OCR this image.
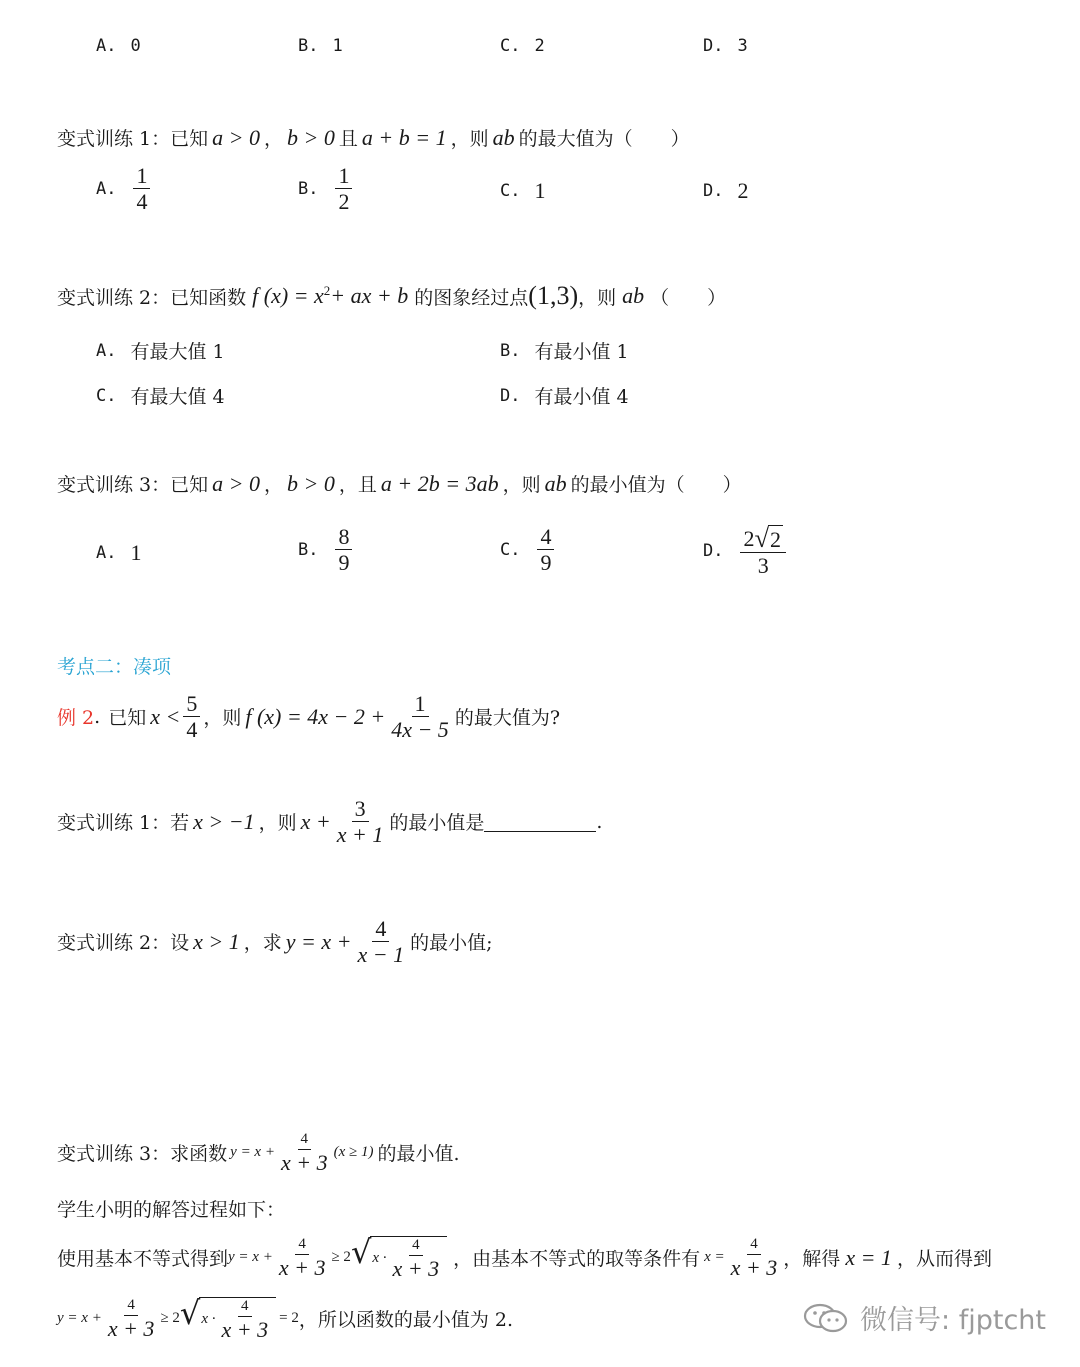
A. 0	B. 1	C. 2	D. 3
变式训练 1： 已知 a > 0 ， b > 0 且 a + b = 1 ，则 ab 的最大值为（　　）
A. $\frac{1}{4}$	B. $\frac{1}{2}$	C. 1	D. 2
变式训练 2： 已知函数 f $(x) = x^2$ + ax + b 的图象经过点 (1,3) ，则 ab （　　）
A. 有最大值 1	B. 有最小值 1
C. 有最大值 4	D. 有最小值 4
变式训练 3： 已知 a > 0 ， b > 0 ，且 a + 2b = 3ab ，则 ab 的最小值为（　　）
A. 1	B. $\frac{8}{9}$	C. $\frac{4}{9}$	D. $\frac{2 √ 2}{3}$
考点二：凑项
例 2 . 已知 $x < \frac{5}{4}$ ，则 f $(x) = 4x - 2 + \frac{1}{4x - 5}$ 的最大值为?
变式训练 1： 若 x > −1 ，则 $x + \frac{3}{x + 1}$ 的最小值是	.
变式训练 2： 设 x > 1 ，求 $y = x + \frac{4}{x - 1}$ 的最小值;
变式训练 3： 求函数 $y = x + \frac{4}{x + 3} (x \ge 1)$ 的最小值.
学生小明的解答过程如下：
使用基本不等式得到 $y = x + \frac{4}{x + 3} \ge 2$ √ $x \cdot \frac{4}{x + 3}$ ，由基本不等式的取等条件有 $x = \frac{4}{x + 3}$ ，解得 x = 1 ，从而得到
$y = x + \frac{4}{x + 3} \ge 2$ √ $x \cdot \frac{4}{x + 3} = 2$ ，所以函数的最小值为 2.	微信号: fjptcht
